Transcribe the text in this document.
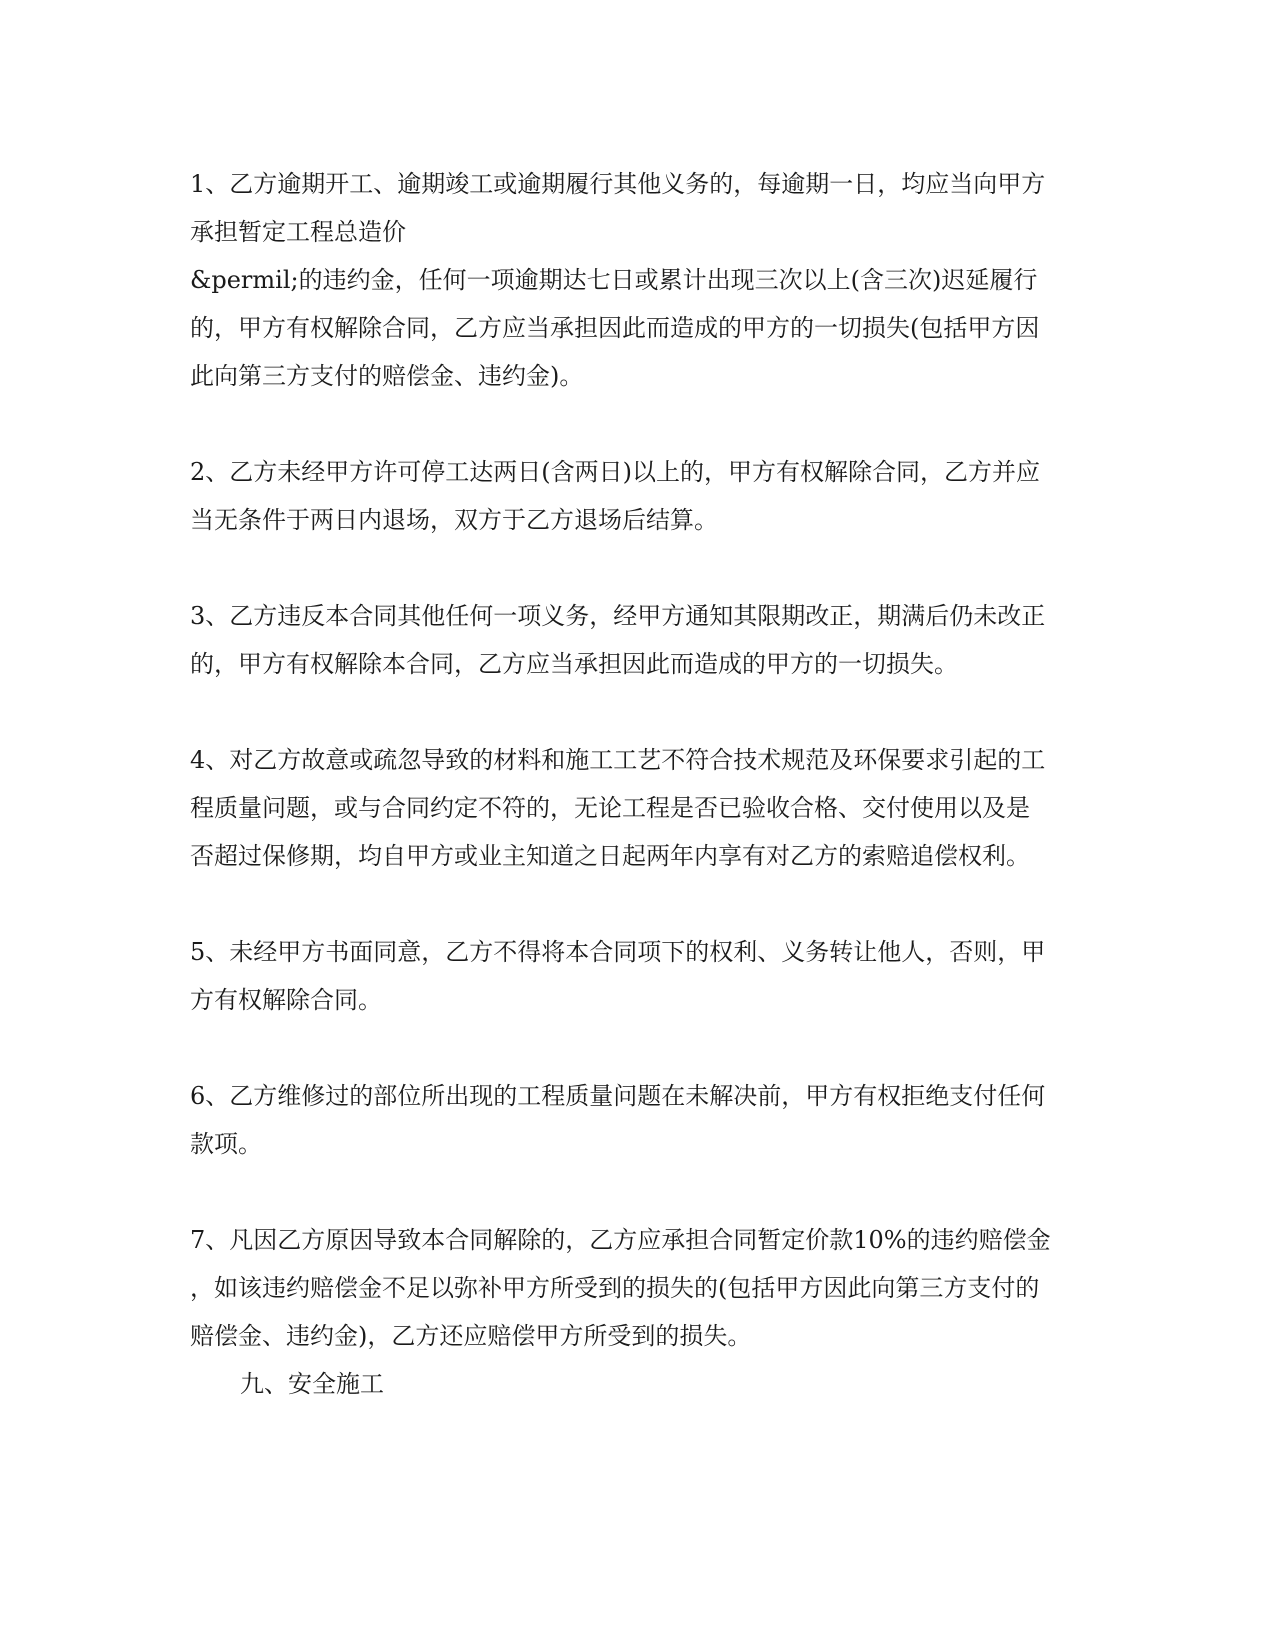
1、乙方逾期开工、逾期竣工或逾期履行其他义务的，每逾期一日，均应当向甲方
承担暂定工程总造价
&permil;的违约金，任何一项逾期达七日或累计出现三次以上(含三次)迟延履行
的，甲方有权解除合同，乙方应当承担因此而造成的甲方的一切损失(包括甲方因
此向第三方支付的赔偿金、违约金)。
2、乙方未经甲方许可停工达两日(含两日)以上的，甲方有权解除合同，乙方并应
当无条件于两日内退场，双方于乙方退场后结算。
3、乙方违反本合同其他任何一项义务，经甲方通知其限期改正，期满后仍未改正
的，甲方有权解除本合同，乙方应当承担因此而造成的甲方的一切损失。
4、对乙方故意或疏忽导致的材料和施工工艺不符合技术规范及环保要求引起的工
程质量问题，或与合同约定不符的，无论工程是否已验收合格、交付使用以及是
否超过保修期，均自甲方或业主知道之日起两年内享有对乙方的索赔追偿权利。
5、未经甲方书面同意，乙方不得将本合同项下的权利、义务转让他人，否则，甲
方有权解除合同。
6、乙方维修过的部位所出现的工程质量问题在未解决前，甲方有权拒绝支付任何
款项。
7、凡因乙方原因导致本合同解除的，乙方应承担合同暂定价款10%的违约赔偿金
，如该违约赔偿金不足以弥补甲方所受到的损失的(包括甲方因此向第三方支付的
赔偿金、违约金)，乙方还应赔偿甲方所受到的损失。
九、安全施工
